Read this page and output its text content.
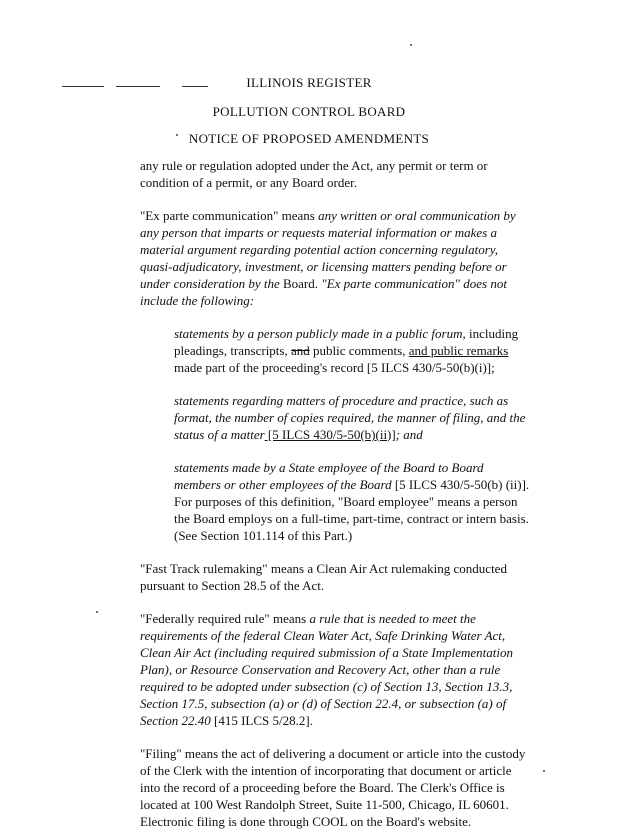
ILLINOIS REGISTER
POLLUTION CONTROL BOARD
NOTICE OF PROPOSED AMENDMENTS

any rule or regulation adopted under the Act, any permit or term or condition of a permit, or any Board order.

"Ex parte communication" means any written or oral communication by any person that imparts or requests material information or makes a material argument regarding potential action concerning regulatory, quasi-adjudicatory, investment, or licensing matters pending before or under consideration by the Board. "Ex parte communication" does not include the following:

statements by a person publicly made in a public forum, including pleadings, transcripts, and public comments, and public remarks made part of the proceeding's record [5 ILCS 430/5-50(b)(i)];

statements regarding matters of procedure and practice, such as format, the number of copies required, the manner of filing, and the status of a matter [5 ILCS 430/5-50(b)(ii)]; and

statements made by a State employee of the Board to Board members or other employees of the Board [5 ILCS 430/5-50(b) (ii)]. For purposes of this definition, "Board employee" means a person the Board employs on a full-time, part-time, contract or intern basis. (See Section 101.114 of this Part.)

"Fast Track rulemaking" means a Clean Air Act rulemaking conducted pursuant to Section 28.5 of the Act.

"Federally required rule" means a rule that is needed to meet the requirements of the federal Clean Water Act, Safe Drinking Water Act, Clean Air Act (including required submission of a State Implementation Plan), or Resource Conservation and Recovery Act, other than a rule required to be adopted under subsection (c) of Section 13, Section 13.3, Section 17.5, subsection (a) or (d) of Section 22.4, or subsection (a) of Section 22.40 [415 ILCS 5/28.2].

"Filing" means the act of delivering a document or article into the custody of the Clerk with the intention of incorporating that document or article into the record of a proceeding before the Board. The Clerk's Office is located at 100 West Randolph Street, Suite 11-500, Chicago, IL 60601. Electronic filing is done through COOL on the Board's website.
